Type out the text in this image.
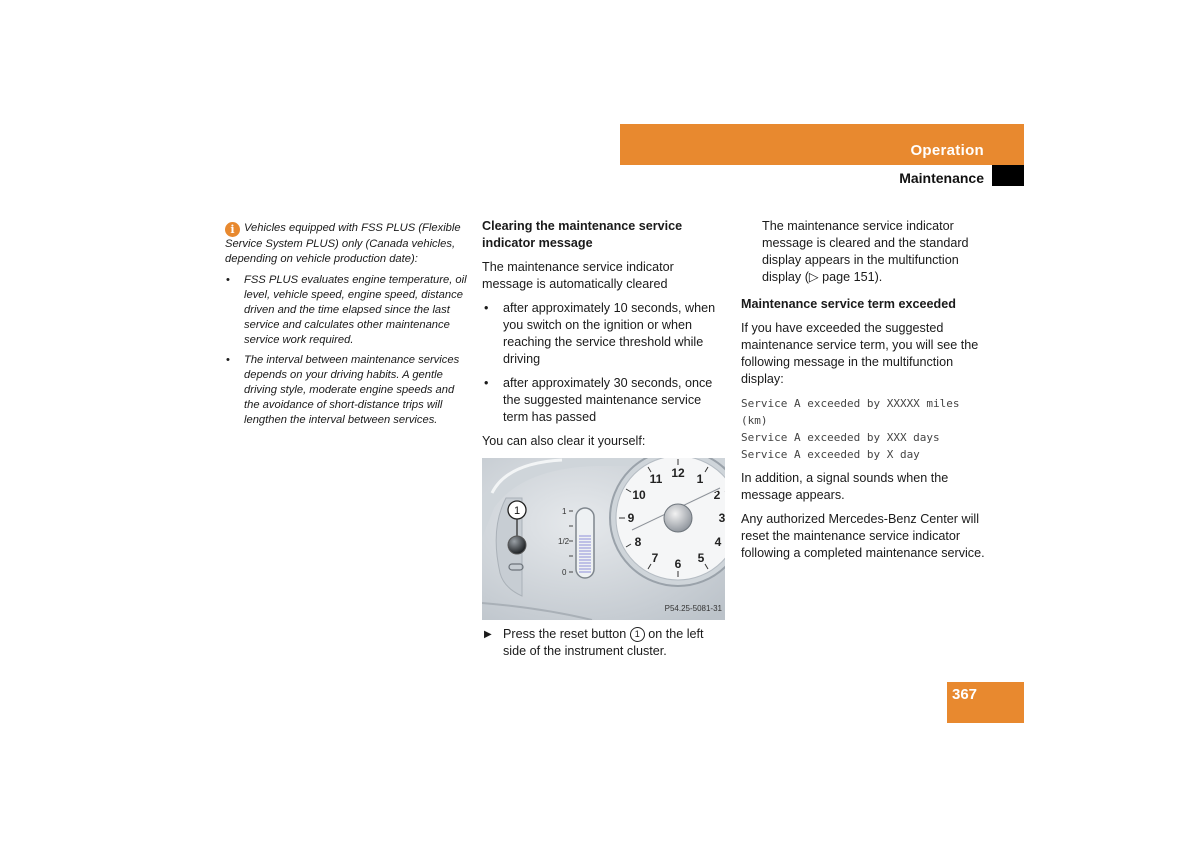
Operation
Maintenance
i Vehicles equipped with FSS PLUS (Flexible Service System PLUS) only (Canada vehicles, depending on vehicle production date):
• FSS PLUS evaluates engine temperature, oil level, vehicle speed, engine speed, distance driven and the time elapsed since the last service and calculates other maintenance service work required.
• The interval between maintenance services depends on your driving habits. A gentle driving style, moderate engine speeds and the avoidance of short-distance trips will lengthen the interval between services.
Clearing the maintenance service indicator message
The maintenance service indicator message is automatically cleared
• after approximately 10 seconds, when you switch on the ignition or when reaching the service threshold while driving
• after approximately 30 seconds, once the suggested maintenance service term has passed
You can also clear it yourself:
1	1
1/2
0
12 1
2
11
10
9
8
7 6 5
4
3
P54.25-5081-31
▶ Press the reset button 1 on the left side of the instrument cluster.
The maintenance service indicator message is cleared and the standard display appears in the multifunction display (▷ page 151).
Maintenance service term exceeded
If you have exceeded the suggested maintenance service term, you will see the following message in the multifunction display:
Service A exceeded by XXXXX miles (km)
Service A exceeded by XXX days
Service A exceeded by X day
In addition, a signal sounds when the message appears.
Any authorized Mercedes-Benz Center will reset the maintenance service indicator following a completed maintenance service.
367
